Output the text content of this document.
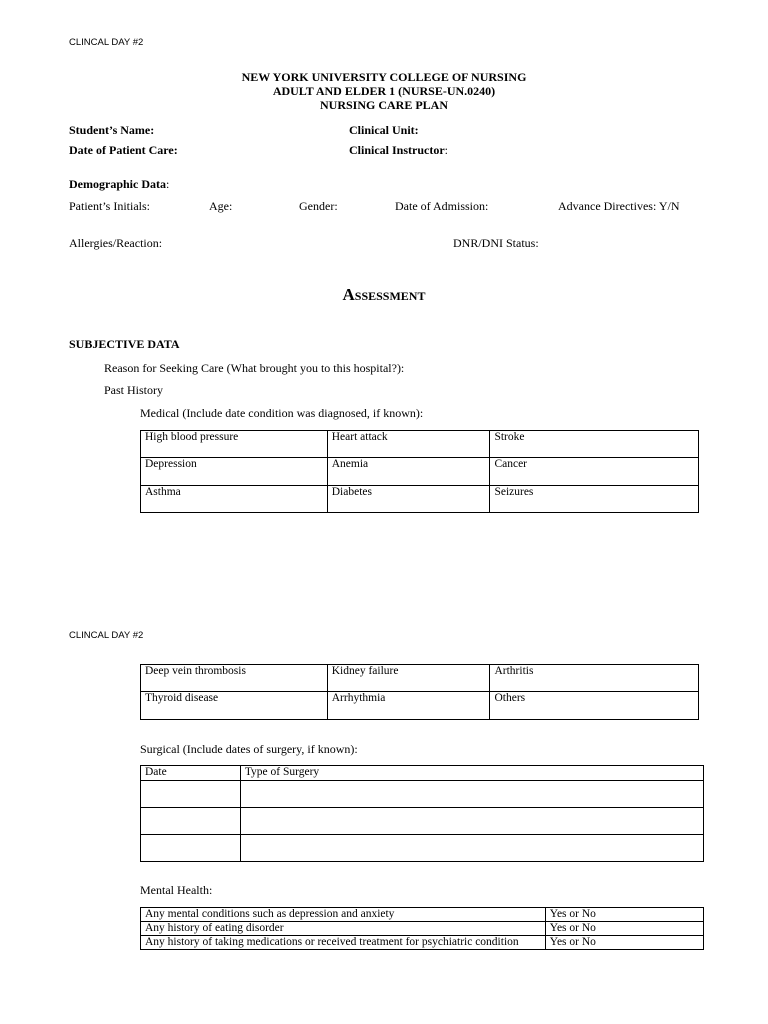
CLINCAL DAY #2
NEW YORK UNIVERSITY COLLEGE OF NURSING
ADULT AND ELDER 1 (NURSE-UN.0240)
NURSING CARE PLAN
Student’s Name:	Clinical Unit:
Date of Patient Care:	Clinical Instructor:
Demographic Data:
Patient’s Initials:	Age:	Gender:	Date of Admission:	Advance Directives: Y/N
Allergies/Reaction:	DNR/DNI Status:
ASSESSMENT
SUBJECTIVE DATA
Reason for Seeking Care (What brought you to this hospital?):
Past History
Medical (Include date condition was diagnosed, if known):
High blood pressure	Heart attack	Stroke
Depression	Anemia	Cancer
Asthma	Diabetes	Seizures
CLINCAL DAY #2
Deep vein thrombosis	Kidney failure	Arthritis
Thyroid disease	Arrhythmia	Others
Surgical (Include dates of surgery, if known):
Date	Type of Surgery

Mental Health:
Any mental conditions such as depression and anxiety	Yes or No
Any history of eating disorder	Yes or No
Any history of taking medications or received treatment for psychiatric condition	Yes or No
